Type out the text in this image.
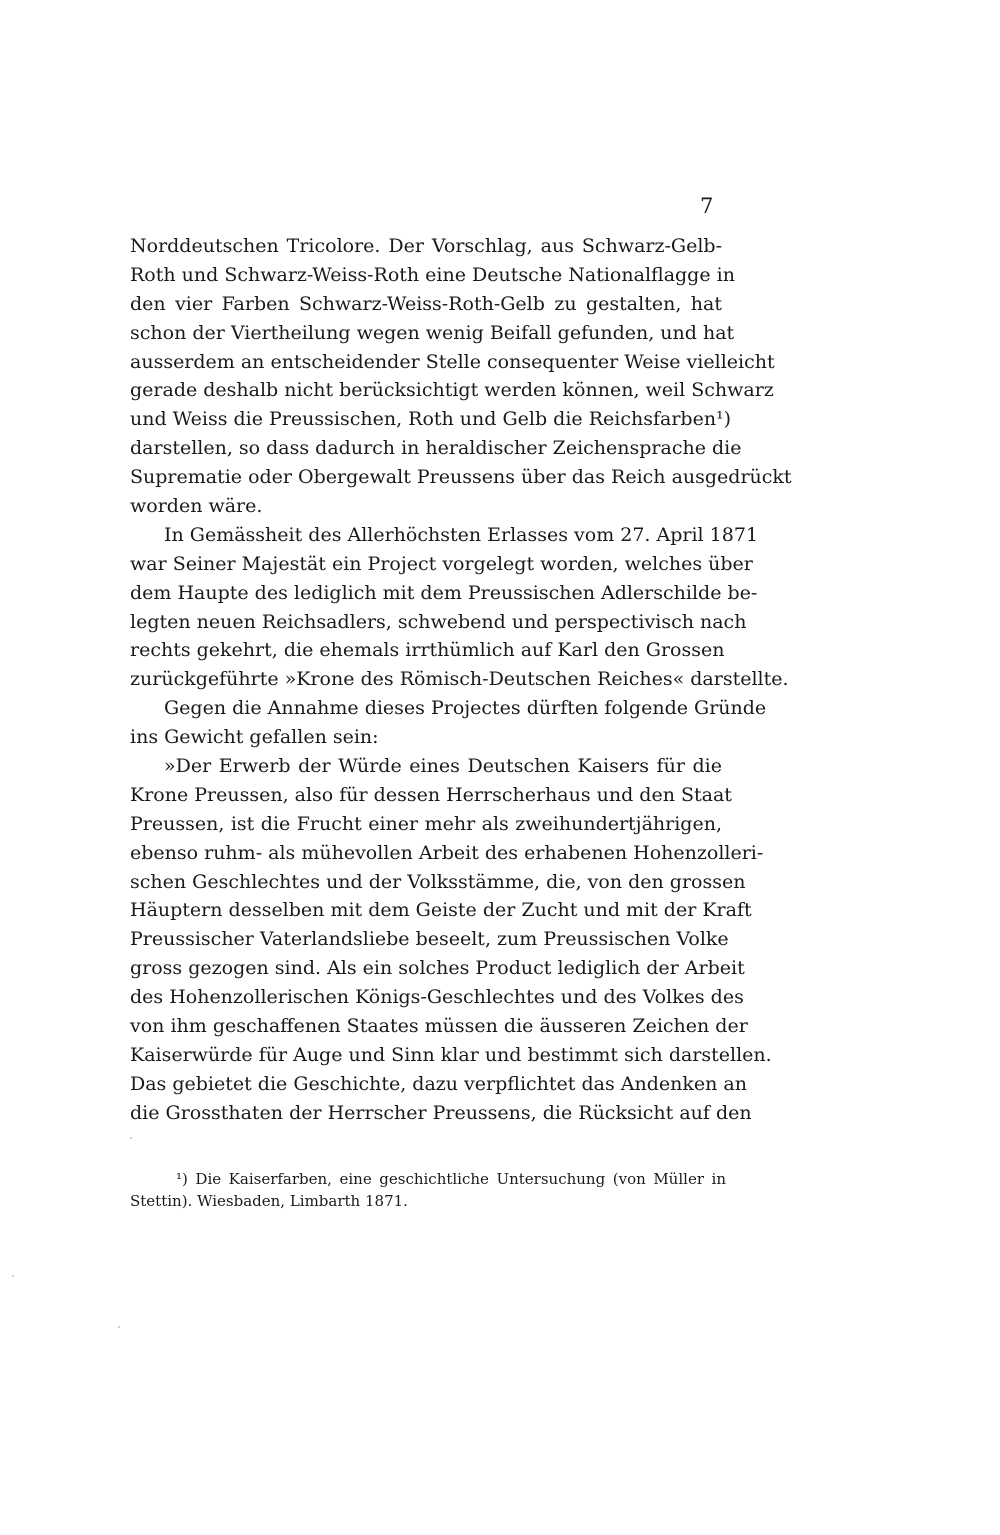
7
Norddeutschen Tricolore. Der Vorschlag, aus Schwarz-Gelb-
Roth und Schwarz-Weiss-Roth eine Deutsche Nationalflagge in
den vier Farben Schwarz-Weiss-Roth-Gelb zu gestalten, hat
schon der Viertheilung wegen wenig Beifall gefunden, und hat
ausserdem an entscheidender Stelle consequenter Weise vielleicht
gerade deshalb nicht berücksichtigt werden können, weil Schwarz
und Weiss die Preussischen, Roth und Gelb die Reichsfarben¹)
darstellen, so dass dadurch in heraldischer Zeichensprache die
Suprematie oder Obergewalt Preussens über das Reich ausgedrückt
worden wäre.
In Gemässheit des Allerhöchsten Erlasses vom 27. April 1871
war Seiner Majestät ein Project vorgelegt worden, welches über
dem Haupte des lediglich mit dem Preussischen Adlerschilde be-
legten neuen Reichsadlers, schwebend und perspectivisch nach
rechts gekehrt, die ehemals irrthümlich auf Karl den Grossen
zurückgeführte »Krone des Römisch-Deutschen Reiches« darstellte.
Gegen die Annahme dieses Projectes dürften folgende Gründe
ins Gewicht gefallen sein:
»Der Erwerb der Würde eines Deutschen Kaisers für die
Krone Preussen, also für dessen Herrscherhaus und den Staat
Preussen, ist die Frucht einer mehr als zweihundertjährigen,
ebenso ruhm- als mühevollen Arbeit des erhabenen Hohenzolleri-
schen Geschlechtes und der Volksstämme, die, von den grossen
Häuptern desselben mit dem Geiste der Zucht und mit der Kraft
Preussischer Vaterlandsliebe beseelt, zum Preussischen Volke
gross gezogen sind. Als ein solches Product lediglich der Arbeit
des Hohenzollerischen Königs-Geschlechtes und des Volkes des
von ihm geschaffenen Staates müssen die äusseren Zeichen der
Kaiserwürde für Auge und Sinn klar und bestimmt sich darstellen.
Das gebietet die Geschichte, dazu verpflichtet das Andenken an
die Grossthaten der Herrscher Preussens, die Rücksicht auf den
¹) Die Kaiserfarben, eine geschichtliche Untersuchung (von Müller in
Stettin). Wiesbaden, Limbarth 1871.
